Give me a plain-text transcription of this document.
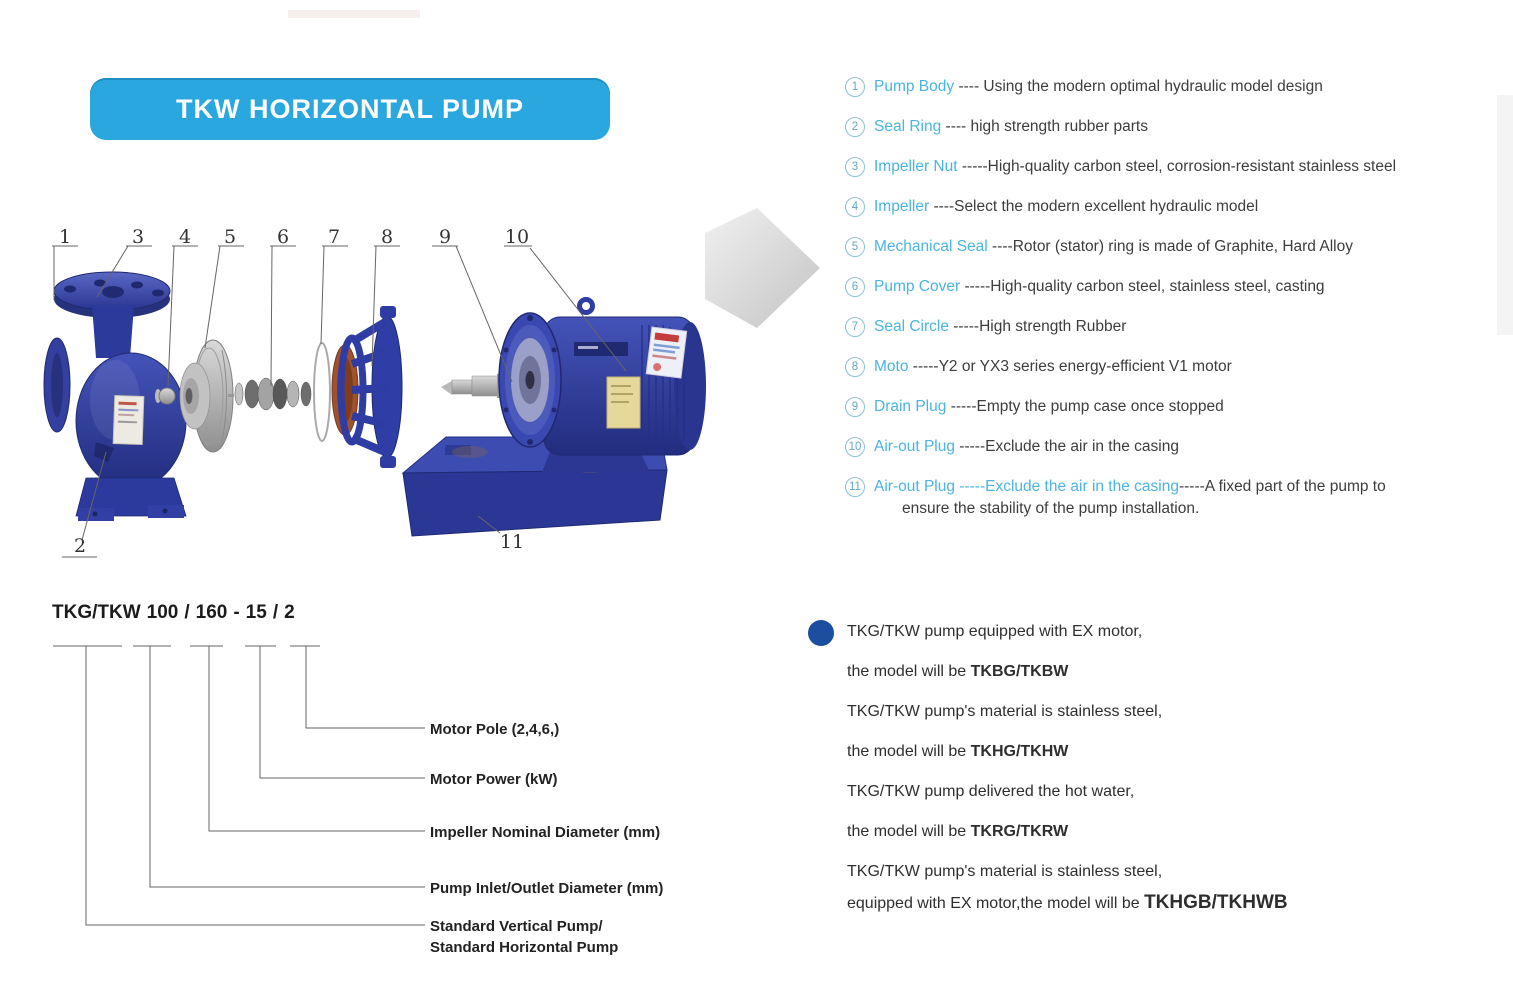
1	3 4 5 6 7 8 9	10
2	11
TKW HORIZONTAL PUMP
1	Pump Body ---- Using the modern optimal hydraulic model design
2	Seal Ring ---- high strength rubber parts
3	Impeller Nut -----High-quality carbon steel, corrosion-resistant stainless steel
4	Impeller ----Select the modern excellent hydraulic model
5	Mechanical Seal ----Rotor (stator) ring is made of Graphite, Hard Alloy
6	Pump Cover -----High-quality carbon steel, stainless steel, casting
7	Seal Circle -----High strength Rubber
8	Moto -----Y2 or YX3 series energy-efficient V1 motor
9	Drain Plug -----Empty the pump case once stopped
10 Air-out Plug -----Exclude the air in the casing
11 Air-out Plug -----Exclude the air in the casing-----A fixed part of the pump to
ensure the stability of the pump installation.
TKG/TKW 100 / 160 - 15 / 2
Motor Pole (2,4,6,)
Motor Power (kW)
Impeller Nominal Diameter (mm)
Pump Inlet/Outlet Diameter (mm)
Standard Vertical Pump/
Standard Horizontal Pump
TKG/TKW pump equipped with EX motor,
the model will be TKBG/TKBW
TKG/TKW pump's material is stainless steel,
the model will be TKHG/TKHW
TKG/TKW pump delivered the hot water,
the model will be TKRG/TKRW
TKG/TKW pump's material is stainless steel,
equipped with EX motor,the model will be TKHGB/TKHWB
